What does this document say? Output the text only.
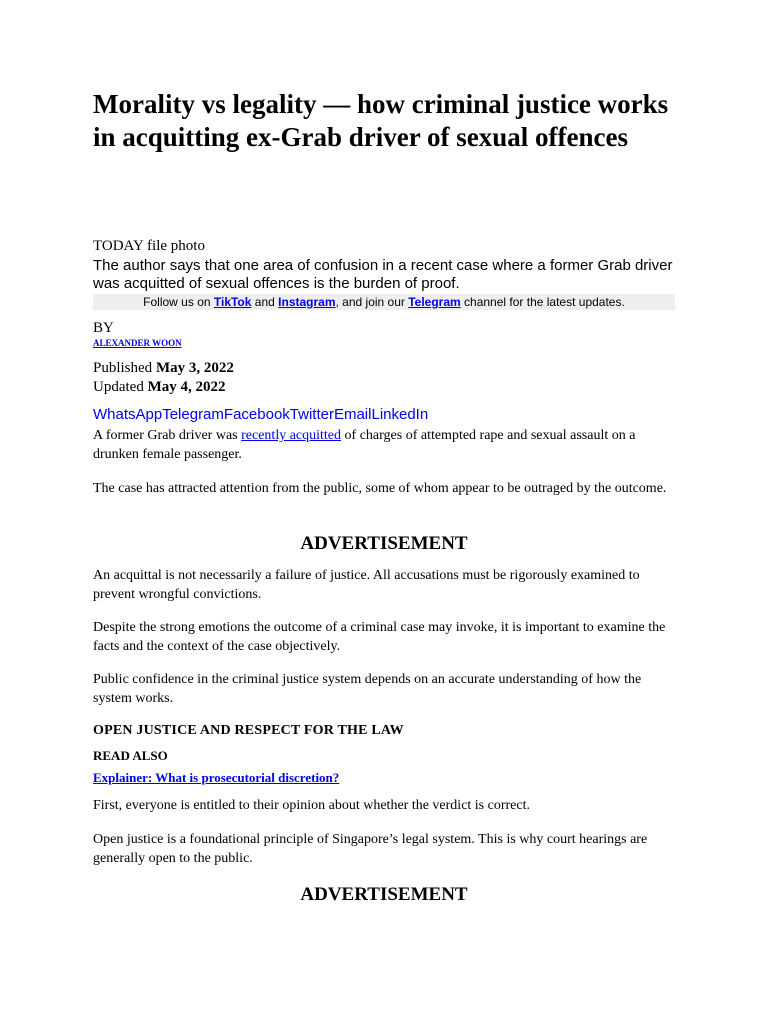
Morality vs legality — how criminal justice works in acquitting ex-Grab driver of sexual offences
TODAY file photo
The author says that one area of confusion in a recent case where a former Grab driver was acquitted of sexual offences is the burden of proof.
Follow us on TikTok and Instagram, and join our Telegram channel for the latest updates.
BY
ALEXANDER WOON
Published May 3, 2022
Updated May 4, 2022
WhatsAppTelegramFacebookTwitterEmailLinkedIn
A former Grab driver was recently acquitted of charges of attempted rape and sexual assault on a drunken female passenger.
The case has attracted attention from the public, some of whom appear to be outraged by the outcome.
ADVERTISEMENT
An acquittal is not necessarily a failure of justice. All accusations must be rigorously examined to prevent wrongful convictions.
Despite the strong emotions the outcome of a criminal case may invoke, it is important to examine the facts and the context of the case objectively.
Public confidence in the criminal justice system depends on an accurate understanding of how the system works.
OPEN JUSTICE AND RESPECT FOR THE LAW
READ ALSO
Explainer: What is prosecutorial discretion?
First, everyone is entitled to their opinion about whether the verdict is correct.
Open justice is a foundational principle of Singapore’s legal system. This is why court hearings are generally open to the public.
ADVERTISEMENT
